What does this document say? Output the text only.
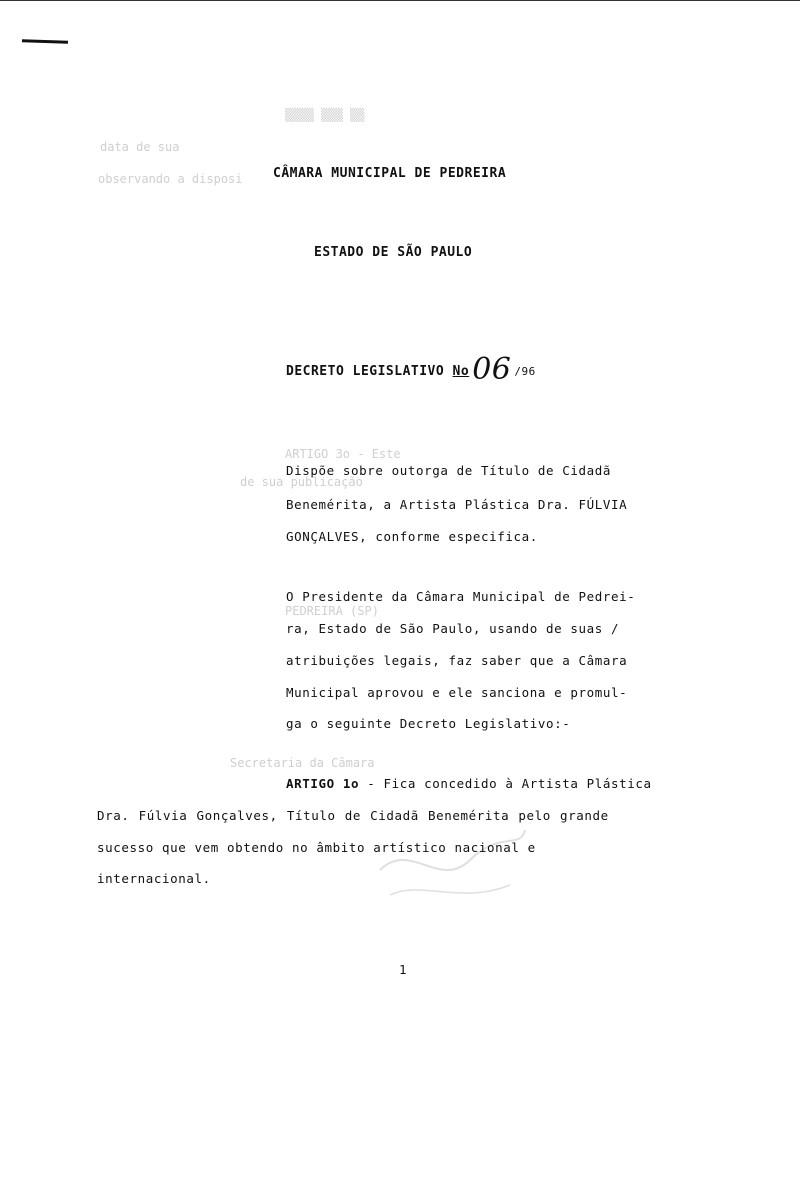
▒▒▒▒ ▒▒▒ ▒▒
data de sua
observando a disposi
ARTIGO 3o - Este
de sua publicação
PEDREIRA (SP)
Secretaria da Câmara
CÂMARA MUNICIPAL DE PEDREIRA
ESTADO DE SÃO PAULO
DECRETO LEGISLATIVO No 06 /96
Dispõe sobre outorga de Título de Cidadã
Benemérita, a Artista Plástica Dra. FÚLVIA
GONÇALVES, conforme especifica.
O Presidente da Câmara Municipal de Pedrei-
ra, Estado de São Paulo, usando de suas /
atribuições legais, faz saber que a Câmara
Municipal aprovou e ele sanciona e promul-
ga o seguinte Decreto Legislativo:-
ARTIGO 1o - Fica concedido à Artista Plástica
Dra. Fúlvia Gonçalves, Título de Cidadã Benemérita pelo grande
sucesso que vem obtendo no âmbito artístico nacional e
internacional.
1
